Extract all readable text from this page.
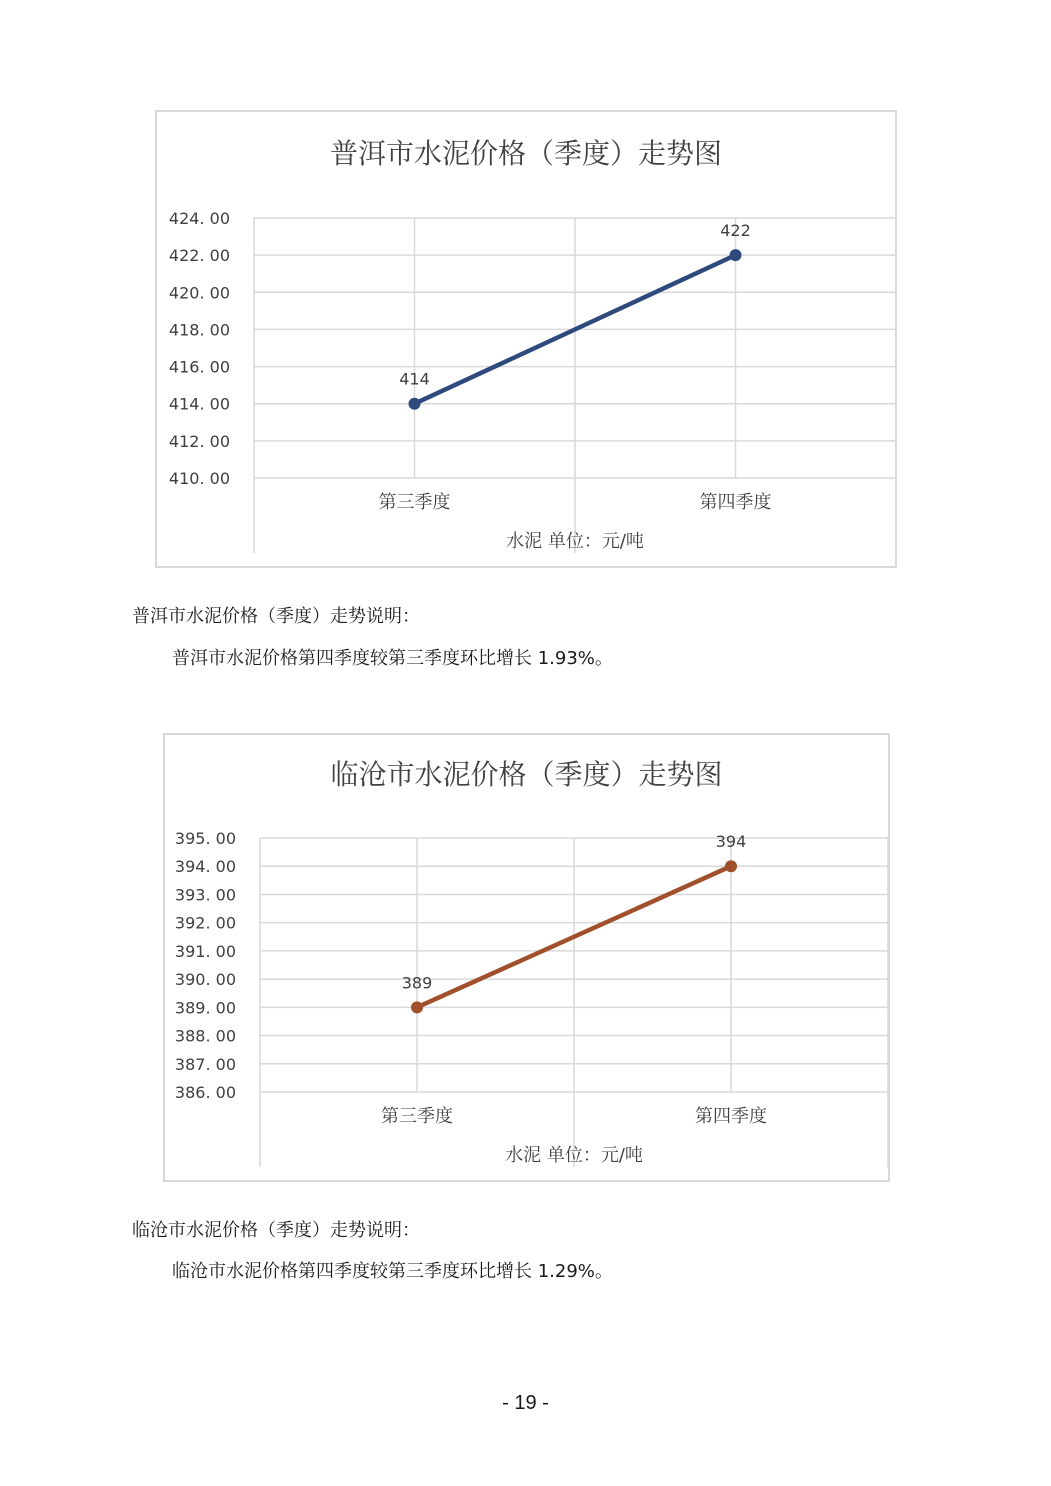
普洱市水泥价格（季度）走势图
410. 00
412. 00
414. 00
416. 00
418. 00
420. 00
422. 00
424. 00
第三季度	第四季度
水泥 单位：元/吨
414
422
普洱市水泥价格（季度）走势说明：
普洱市水泥价格第四季度较第三季度环比增长 1.93%。
临沧市水泥价格（季度）走势图
386. 00
387. 00
388. 00
389. 00
390. 00
391. 00
392. 00
393. 00
394. 00
395. 00
第三季度	第四季度
水泥 单位：元/吨
389
394
临沧市水泥价格（季度）走势说明：
临沧市水泥价格第四季度较第三季度环比增长 1.29%。
- 19 -
